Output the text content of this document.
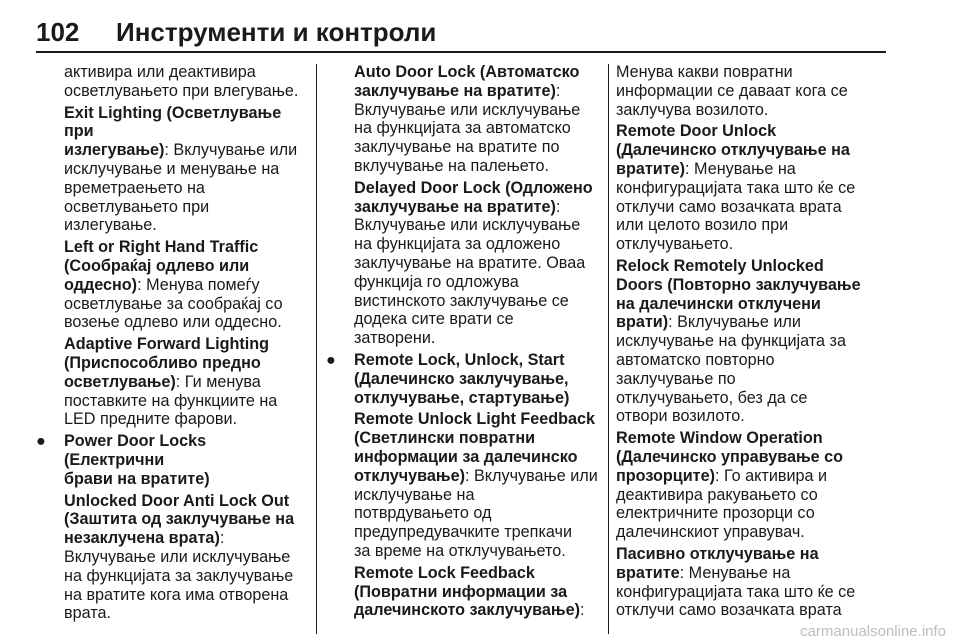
102 Инструменти и контроли
активира или деактивира
осветлувањето при влегување.
Exit Lighting (Осветлување при
излегување): Вклучување или
исклучување и менување на
времетраењето на
осветлувањето при
излегување.
Left or Right Hand Traffic
(Сообраќај одлево или
оддесно): Менува помеѓу
осветлување за сообраќај со
возење одлево или оддесно.
Adaptive Forward Lighting
(Приспособливо предно
осветлување): Ги менува
поставките на функциите на
LED предните фарови.
● Power Door Locks (Електрични
брави на вратите)
Unlocked Door Anti Lock Out
(Заштита од заклучување на
незаклучена врата):
Вклучување или исклучување
на функцијата за заклучување
на вратите кога има отворена
врата.
Auto Door Lock (Автоматско
заклучување на вратите):
Вклучување или исклучување
на функцијата за автоматско
заклучување на вратите по
вклучување на палењето.
Delayed Door Lock (Одложено
заклучување на вратите):
Вклучување или исклучување
на функцијата за одложено
заклучување на вратите. Оваа
функција го одложува
вистинското заклучување се
додека сите врати се
затворени.
● Remote Lock, Unlock, Start
(Далечинско заклучување,
отклучување, стартување)
Remote Unlock Light Feedback
(Светлински повратни
информации за далечинско
отклучување): Вклучување или
исклучување на
потврдувањето од
предупредувачките трепкачи
за време на отклучувањето.
Remote Lock Feedback
(Повратни информации за
далечинското заклучување):
Менува какви повратни
информации се даваат кога се
заклучува возилото.
Remote Door Unlock
(Далечинско отклучување на
вратите): Менување на
конфигурацијата така што ќе се
отклучи само возачката врата
или целото возило при
отклучувањето.
Relock Remotely Unlocked
Doors (Повторно заклучување
на далечински отклучени
врати): Вклучување или
исклучување на функцијата за
автоматско повторно
заклучување по
отклучувањето, без да се
отвори возилото.
Remote Window Operation
(Далечинско управување со
прозорците): Го активира и
деактивира ракувањето со
електричните прозорци со
далечинскиот управувач.
Пасивно отклучување на
вратите: Менување на
конфигурацијата така што ќе се
отклучи само возачката врата
carmanualsonline.info
